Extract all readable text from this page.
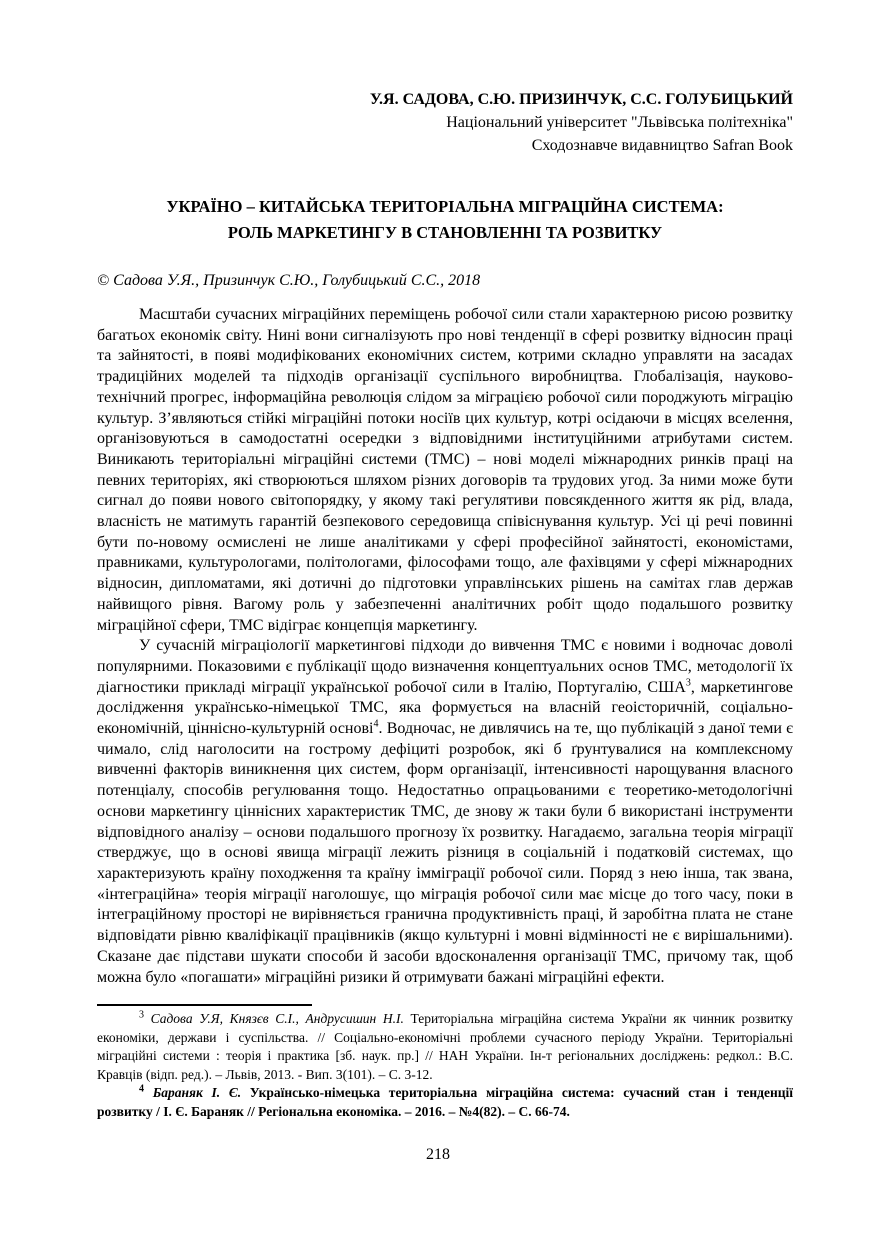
У.Я. САДОВА, С.Ю. ПРИЗИНЧУК, С.С. ГОЛУБИЦЬКИЙ
Національний університет "Львівська політехніка"
Сходознавче видавництво Safran Book
УКРАЇНО – КИТАЙСЬКА ТЕРИТОРІАЛЬНА МІГРАЦІЙНА СИСТЕМА:
РОЛЬ МАРКЕТИНГУ В СТАНОВЛЕННІ ТА РОЗВИТКУ
© Садова У.Я., Призинчук С.Ю., Голубицький С.С., 2018

Масштаби сучасних міграційних переміщень робочої сили стали характерною рисою розвитку багатьох економік світу. Нині вони сигналізують про нові тенденції в сфері розвитку відносин праці та зайнятості, в появі модифікованих економічних систем, котрими складно управляти на засадах традиційних моделей та підходів організації суспільного виробництва. Глобалізація, науково-технічний прогрес, інформаційна революція слідом за міграцією робочої сили породжують міграцію культур. З’являються стійкі міграційні потоки носіїв цих культур, котрі осідаючи в місцях вселення, організовуються в самодостатні осередки з відповідними інституційними атрибутами систем. Виникають територіальні міграційні системи (ТМС) – нові моделі міжнародних ринків праці на певних територіях, які створюються шляхом різних договорів та трудових угод. За ними може бути сигнал до появи нового світопорядку, у якому такі регулятиви повсякденного життя як рід, влада, власність не матимуть гарантій безпекового середовища співіснування культур. Усі ці речі повинні бути по-новому осмислені не лише аналітиками у сфері професійної зайнятості, економістами, правниками, культурологами, політологами, філософами тощо, але фахівцями у сфері міжнародних відносин, дипломатами, які дотичні до підготовки управлінських рішень на самітах глав держав найвищого рівня. Вагому роль у забезпеченні аналітичних робіт щодо подальшого розвитку міграційної сфери, ТМС відіграє концепція маркетингу.

У сучасній міграціології маркетингові підходи до вивчення ТМС є новими і водночас доволі популярними. Показовими є публікації щодо визначення концептуальних основ ТМС, методології їх діагностики прикладі міграції української робочої сили в Італію, Португалію, США$^3$, маркетингове дослідження українсько-німецької ТМС, яка формується на власній геоісторичній, соціально-економічній, ціннісно-культурній основі$^4$. Водночас, не дивлячись на те, що публікацій з даної теми є чимало, слід наголосити на гострому дефіциті розробок, які б ґрунтувалися на комплексному вивченні факторів виникнення цих систем, форм організації, інтенсивності нарощування власного потенціалу, способів регулювання тощо. Недостатньо опрацьованими є теоретико-методологічні основи маркетингу ціннісних характеристик ТМС, де знову ж таки були б використані інструменти відповідного аналізу – основи подальшого прогнозу їх розвитку. Нагадаємо, загальна теорія міграції стверджує, що в основі явища міграції лежить різниця в соціальній і податковій системах, що характеризують країну походження та країну імміграції робочої сили. Поряд з нею інша, так звана, «інтеграційна» теорія міграції наголошує, що міграція робочої сили має місце до того часу, поки в інтеграційному просторі не вирівняється гранична продуктивність праці, й заробітна плата не стане відповідати рівню кваліфікації працівників (якщо культурні і мовні відмінності не є вирішальними). Сказане дає підстави шукати способи й засоби вдосконалення організації ТМС, причому так, щоб можна було «погашати» міграційні ризики й отримувати бажані міграційні ефекти.

$^3$ Садова У.Я, Князєв С.І., Андрусишин Н.І. Територіальна міграційна система України як чинник розвитку економіки, держави і суспільства. // Соціально-економічні проблеми сучасного періоду України. Територіальні міграційні системи : теорія і практика [зб. наук. пр.] // НАН України. Ін-т регіональних досліджень: редкол.: В.С. Кравців (відп. ред.). – Львів, 2013. - Вип. 3(101). – С. 3-12.

$^4$ Бараняк І. Є. Українсько-німецька територіальна міграційна система: сучасний стан і тенденції розвитку / І. Є. Бараняк // Регіональна економіка. – 2016. – №4(82). – С. 66-74.

218
